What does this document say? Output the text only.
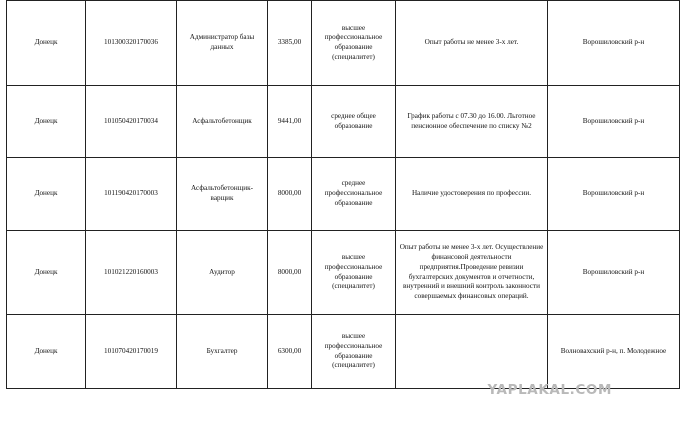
Донецк	101300320170036	Администратор базы данных	3385,00	высшее профессиональное образование (специалитет)	Опыт работы не менее 3-х лет.	Ворошиловский р-н
Донецк	101050420170034	Асфальтобетонщик	9441,00	среднее общее образование	График работы с 07.30 до 16.00. Льготное пенсионное обеспечение по списку №2	Ворошиловский р-н
Донецк	101190420170003	Асфальтобетонщик-варщик	8000,00	среднее профессиональное образование	Наличие удостоверения по профессии.	Ворошиловский р-н
Донецк	101021220160003	Аудитор	8000,00	высшее профессиональное образование (специалитет)	Опыт работы не менее 3-х лет. Осуществление финансовой деятельности предприятия.Проведение ревизии бухгалтерских документов и отчетности, внутренний и внешний контроль законности совершаемых финансовых операций.	Ворошиловский р-н
Донецк	101070420170019	Бухгалтер	6300,00	высшее профессиональное образование (специалитет)		Волновахский р-н, п. Молодежное
YAPLAKAL.COM
